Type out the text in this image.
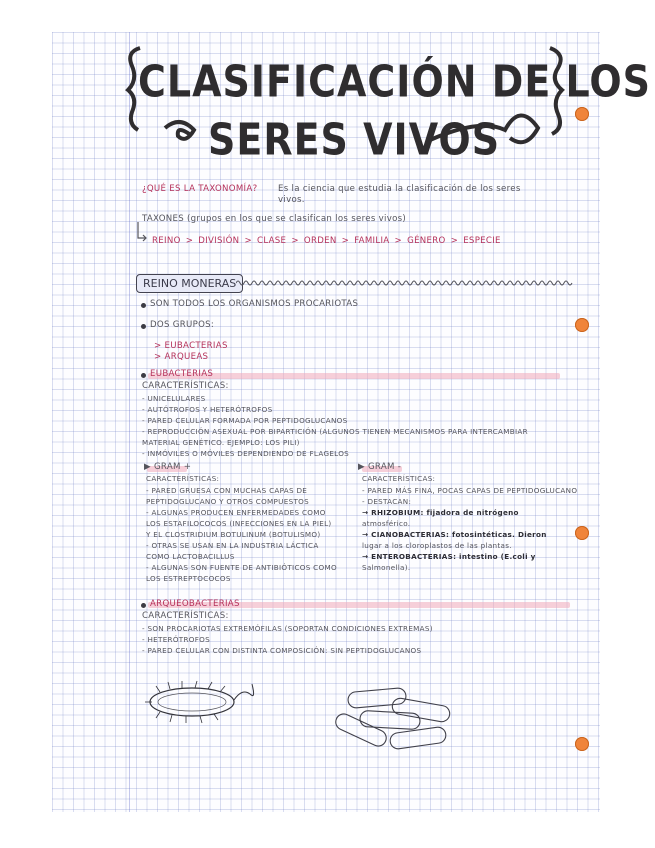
CLASIFICACIÓN DE LOS
SERES VIVOS
¿QUÉ ES LA TAXONOMÍA? Es la ciencia que estudia la clasificación de los seres
vivos.
TAXONES (grupos en los que se clasifican los seres vivos)
REINO > DIVISIÓN > CLASE > ORDEN > FAMILIA > GÉNERO > ESPECIE
REINO MONERAS
SON TODOS LOS ORGANISMOS PROCARIOTAS
DOS GRUPOS:
> EUBACTERIAS
> ARQUEAS
EUBACTERIAS
CARACTERÍSTICAS:

- UNICELULARES

- AUTÓTROFOS Y HETERÓTROFOS

- PARED CELULAR FORMADA POR PEPTIDOGLUCANOS

- REPRODUCCIÓN ASEXUAL POR BIPARTICIÓN (ALGUNOS TIENEN MECANISMOS PARA INTERCAMBIAR

MATERIAL GENÉTICO. EJEMPLO: LOS PILI)

- INMÓVILES O MÓVILES DEPENDIENDO DE FLAGELOS

▶ GRAM +
CARACTERÍSTICAS:

- PARED GRUESA CON MUCHAS CAPAS DE

PEPTIDOGLUCANO Y OTROS COMPUESTOS

- ALGUNAS PRODUCEN ENFERMEDADES COMO

LOS ESTAFILOCOCOS (INFECCIONES EN LA PIEL)

Y EL CLOSTRIDIUM BOTULINUM (BOTULISMO)

- OTRAS SE USAN EN LA INDUSTRIA LÁCTICA

COMO LACTOBACILLUS

- ALGUNAS SON FUENTE DE ANTIBIÓTICOS COMO

LOS ESTREPTOCOCOS

▶ GRAM -
CARACTERÍSTICAS:

- PARED MÁS FINA, POCAS CAPAS DE PEPTIDOGLUCANO

- DESTACAN:

→ RHIZOBIUM: fijadora de nitrógeno

atmosférico.

→ CIANOBACTERIAS: fotosintéticas. Dieron

lugar a los cloroplastos de las plantas.

→ ENTEROBACTERIAS: intestino (E.coli y

Salmonella).

ARQUEOBACTERIAS
CARACTERÍSTICAS:

- SON PROCARIOTAS EXTREMÓFILAS (SOPORTAN CONDICIONES EXTREMAS)

- HETERÓTROFOS

- PARED CELULAR CON DISTINTA COMPOSICIÓN: SIN PEPTIDOGLUCANOS
